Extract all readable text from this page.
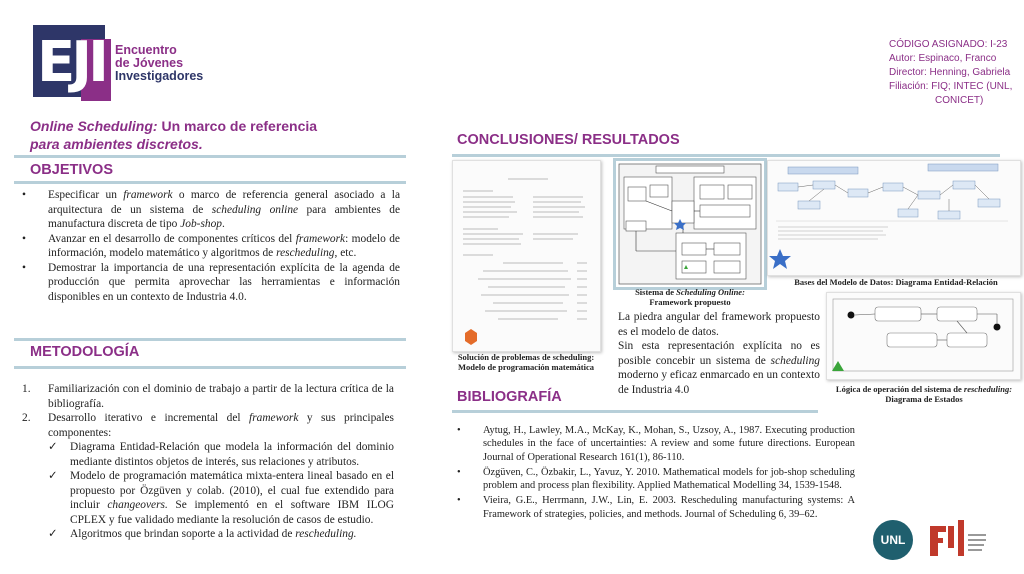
EJI Encuentro
de Jóvenes
Investigadores
CÓDIGO ASIGNADO: I-23
Autor: Espinaco, Franco
Director: Henning, Gabriela
Filiación: FIQ; INTEC (UNL,
CONICET)
Online Scheduling: Un marco de referencia
para ambientes discretos.
OBJETIVOS
• Especificar un framework o marco de referencia general asociado a la arquitectura de un sistema de scheduling online para ambientes de manufactura discreta de tipo Job-shop.
• Avanzar en el desarrollo de componentes críticos del framework: modelo de información, modelo matemático y algoritmos de rescheduling, etc.
• Demostrar la importancia de una representación explícita de la agenda de producción que permita aprovechar las herramientas e información disponibles en un contexto de Industria 4.0.
METODOLOGÍA
1. Familiarización con el dominio de trabajo a partir de la lectura crítica de la bibliografía.
2. Desarrollo iterativo e incremental del framework y sus principales componentes:
✓ Diagrama Entidad-Relación que modela la información del dominio mediante distintos objetos de interés, sus relaciones y atributos.
✓ Modelo de programación matemática mixta-entera lineal basado en el propuesto por Özgüven y colab. (2010), el cual fue extendido para incluir changeovers. Se implementó en el software IBM ILOG CPLEX y fue validado mediante la resolución de casos de estudio.
✓ Algoritmos que brindan soporte a la actividad de rescheduling.
CONCLUSIONES/ RESULTADOS
Solución de problemas de scheduling:
Modelo de programación matemática
Sistema de Scheduling Online:
Framework propuesto
Bases del Modelo de Datos: Diagrama Entidad-Relación
La piedra angular del framework propuesto es el modelo de datos.
Sin esta representación explícita no es posible concebir un sistema de scheduling moderno y eficaz enmarcado en un contexto de Industria 4.0	Lógica de operación del sistema de rescheduling:
Diagrama de Estados
BIBLIOGRAFÍA
• Aytug, H., Lawley, M.A., McKay, K., Mohan, S., Uzsoy, A., 1987. Executing production schedules in the face of uncertainties: A review and some future directions. European Journal of Operational Research 161(1), 86-110.
• Özgüven, C., Özbakir, L., Yavuz, Y. 2010. Mathematical models for job-shop scheduling problem and process plan flexibility. Applied Mathematical Modelling 34, 1539-1548.
• Vieira, G.E., Herrmann, J.W., Lin, E. 2003. Rescheduling manufacturing systems: A Framework of strategies, policies, and methods. Journal of Scheduling 6, 39–62.
UNL
